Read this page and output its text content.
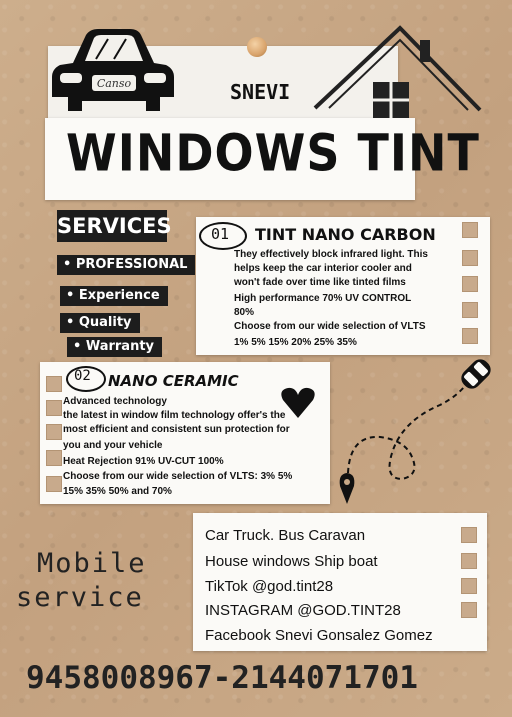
Canso	SNEVI
WINDOWS TINT
SERVICES
• PROFESSIONAL
• Experience
• Quality
• Warranty
01 TINT NANO CARBON
They effectively block infrared light. This
helps keep the car interior cooler and
won't fade over time like tinted films
High performance 70% UV CONTROL
80%
Choose from our wide selection of VLTS
1% 5% 15% 20% 25% 35%
02 NANO CERAMIC
Advanced technology
the latest in window film technology offer's the
most efficient and consistent sun protection for
you and your vehicle
Heat Rejection 91% UV-CUT 100%
Choose from our wide selection of VLTS: 3% 5%
15% 35% 50% and 70%
Mobile
service
Car Truck. Bus Caravan
House windows Ship boat
TikTok @god.tint28
INSTAGRAM @GOD.TINT28
Facebook Snevi Gonsalez Gomez
9458008967-2144071701
